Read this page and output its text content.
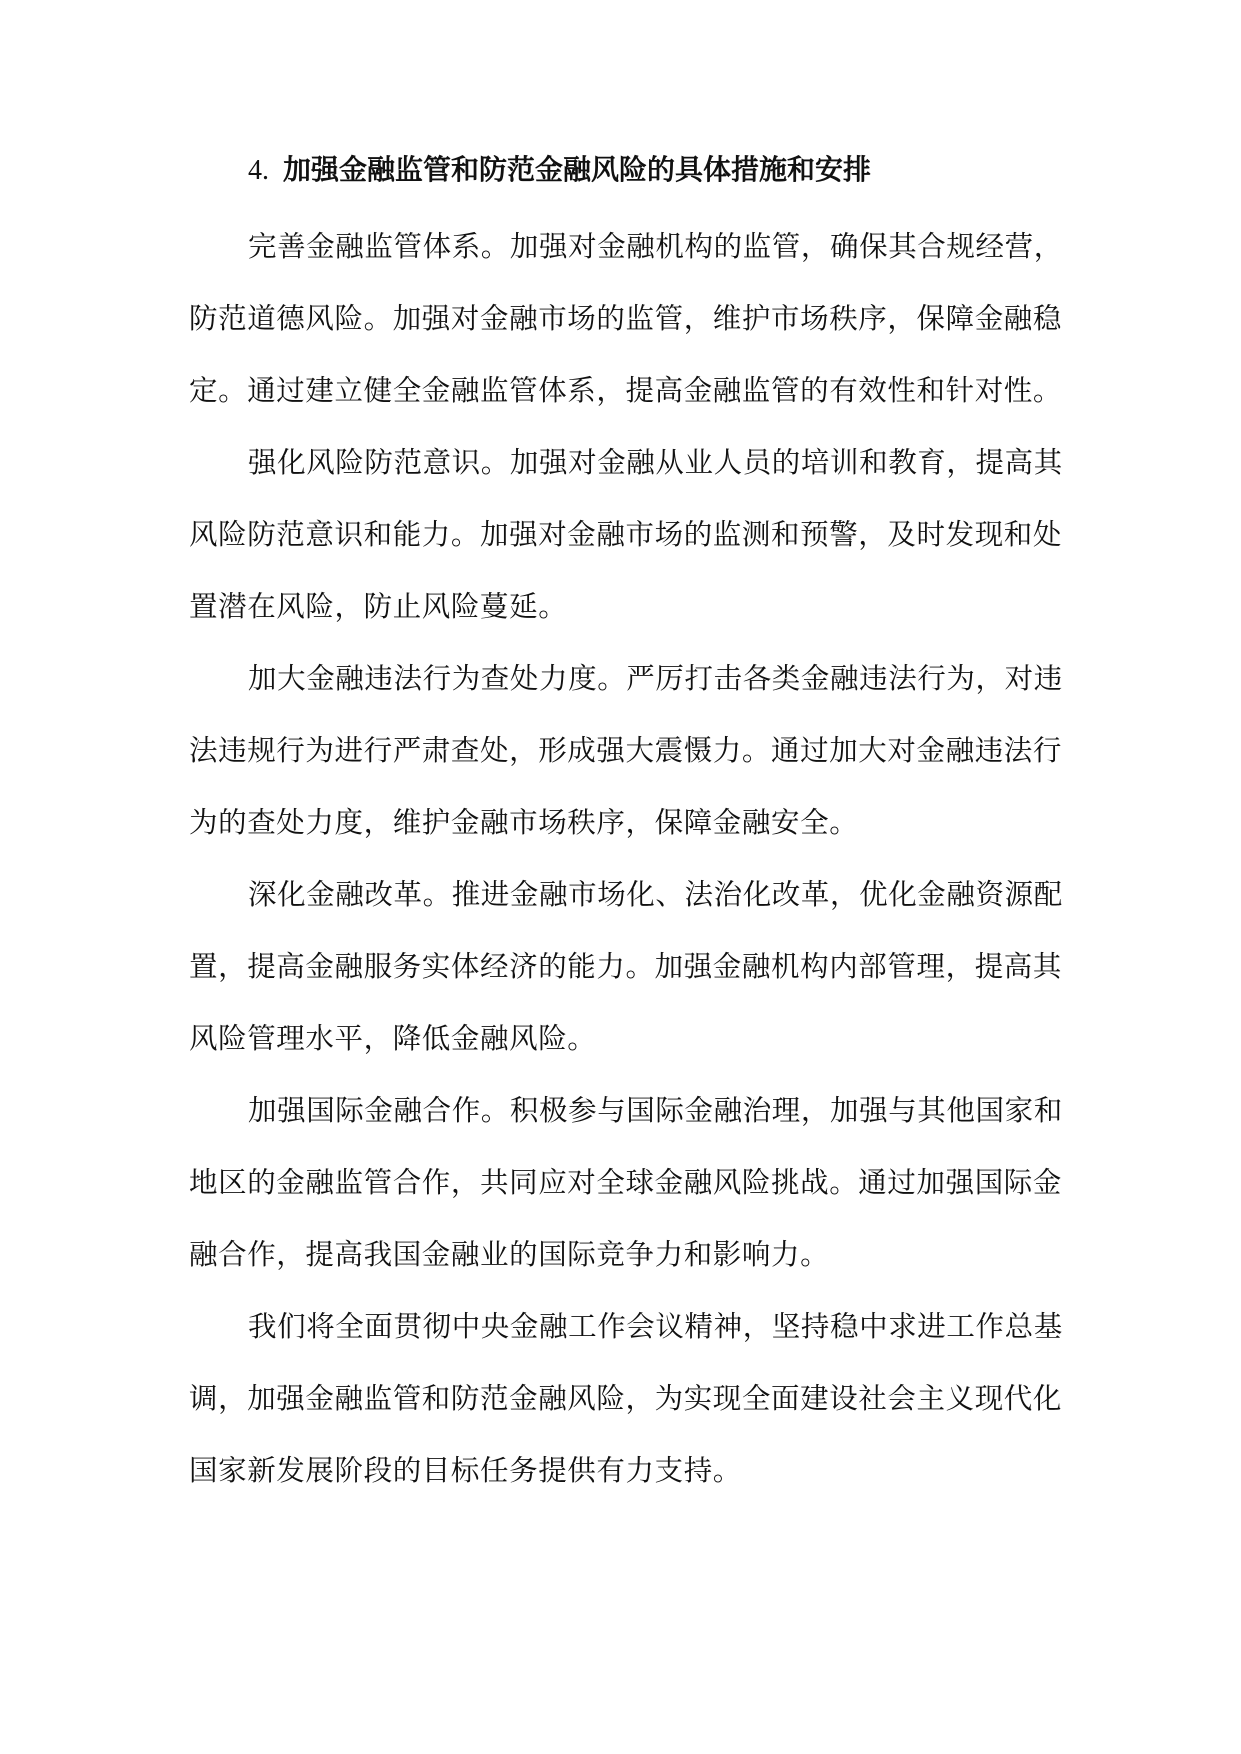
4. 加强金融监管和防范金融风险的具体措施和安排
完善金融监管体系。加强对金融机构的监管，确保其合规经营，
防范道德风险。加强对金融市场的监管，维护市场秩序，保障金融稳
定。通过建立健全金融监管体系，提高金融监管的有效性和针对性。
强化风险防范意识。加强对金融从业人员的培训和教育，提高其
风险防范意识和能力。加强对金融市场的监测和预警，及时发现和处
置潜在风险，防止风险蔓延。
加大金融违法行为查处力度。严厉打击各类金融违法行为，对违
法违规行为进行严肃查处，形成强大震慑力。通过加大对金融违法行
为的查处力度，维护金融市场秩序，保障金融安全。
深化金融改革。推进金融市场化、法治化改革，优化金融资源配
置，提高金融服务实体经济的能力。加强金融机构内部管理，提高其
风险管理水平，降低金融风险。
加强国际金融合作。积极参与国际金融治理，加强与其他国家和
地区的金融监管合作，共同应对全球金融风险挑战。通过加强国际金
融合作，提高我国金融业的国际竞争力和影响力。
我们将全面贯彻中央金融工作会议精神，坚持稳中求进工作总基
调，加强金融监管和防范金融风险，为实现全面建设社会主义现代化
国家新发展阶段的目标任务提供有力支持。
